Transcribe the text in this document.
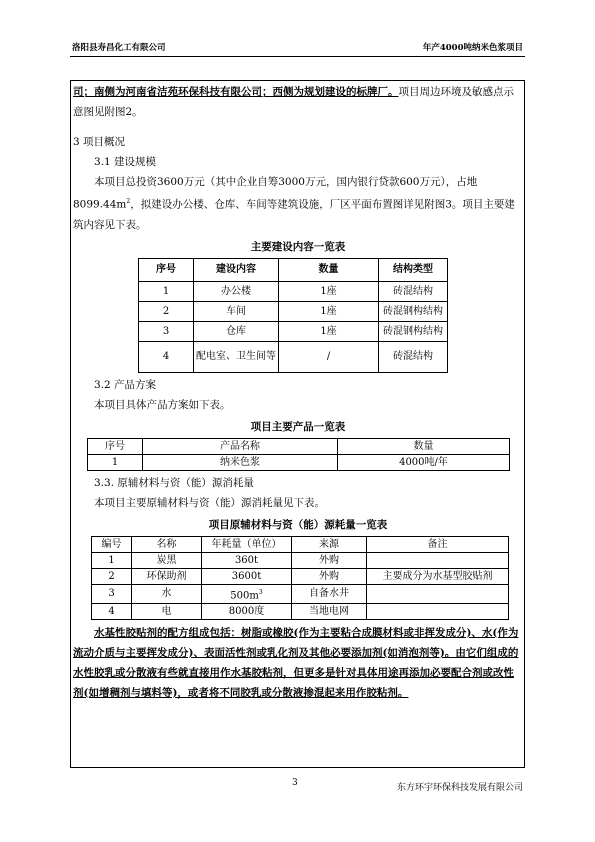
洛阳县寿昌化工有限公司	年产4000吨纳米色浆项目

司；南侧为河南省洁苑环保科技有限公司；西侧为规划建设的标牌厂。项目周边环境及敏感点示意图见附图2。

3 项目概况

3.1 建设规模

本项目总投资3600万元（其中企业自筹3000万元，国内银行贷款600万元），占地$8099.44m^2$，拟建设办公楼、仓库、车间等建筑设施，厂区平面布置图详见附图3。项目主要建筑内容见下表。

主要建设内容一览表

序号	建设内容	数量	结构类型
1	办公楼	1座	砖混结构
2	车间	1座	砖混钢构结构
3	仓库	1座	砖混钢构结构
4	配电室、卫生间等	/	砖混结构

3.2 产品方案

本项目具体产品方案如下表。

项目主要产品一览表

序号	产品名称	数量
1	纳米色浆	4000吨/年

3.3. 原辅材料与资（能）源消耗量

本项目主要原辅材料与资（能）源消耗量见下表。

项目原辅材料与资（能）源耗量一览表

编号	名称	年耗量（单位）	来源	备注
1	炭黑	360t	外购	
2	环保助剂	3600t	外购	主要成分为水基型胶贴剂
3	水	$500m^3$	自备水井	
4	电	8000度	当地电网	

水基性胶贴剂的配方组成包括：树脂或橡胶(作为主要粘合成膜材料或非挥发成分)、水(作为流动介质与主要挥发成分)、表面活性剂或乳化剂及其他必要添加剂(如消泡剂等)。由它们组成的水性胶乳或分散液有些就直接用作水基胶粘剂，但更多是针对具体用途再添加必要配合剂或改性剂(如增稠剂与填料等)，或者将不同胶乳或分散液掺混起来用作胶粘剂。

3	东方环宇环保科技发展有限公司
